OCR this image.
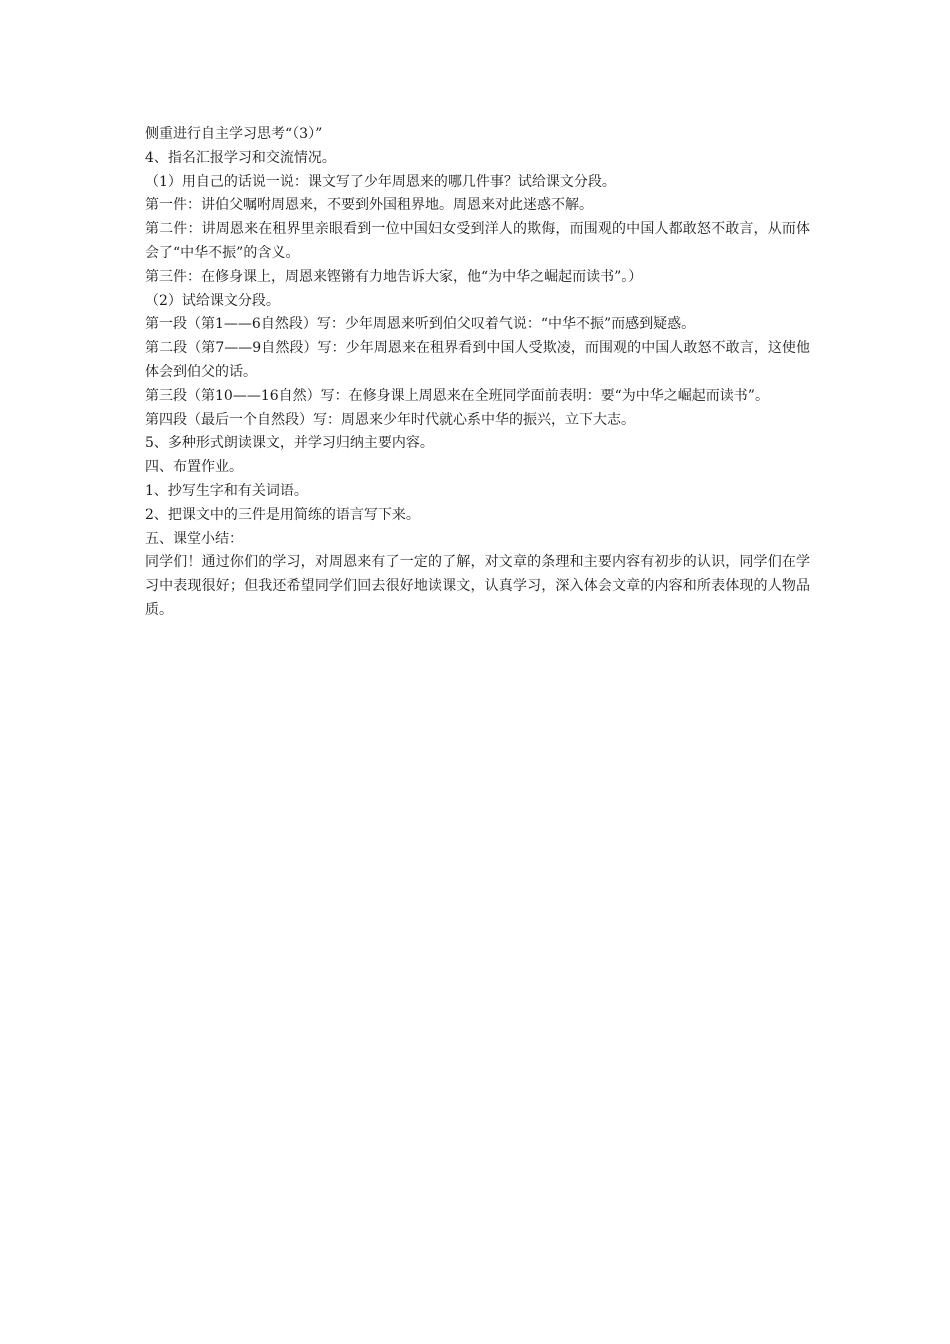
侧重进行自主学习思考“（3）”

4、指名汇报学习和交流情况。

（1）用自己的话说一说：课文写了少年周恩来的哪几件事？试给课文分段。

第一件：讲伯父嘱咐周恩来，不要到外国租界地。周恩来对此迷惑不解。

第二件：讲周恩来在租界里亲眼看到一位中国妇女受到洋人的欺侮，而围观的中国人都敢怒不敢言，从而体会了“中华不振”的含义。

第三件：在修身课上，周恩来铿锵有力地告诉大家，他“为中华之崛起而读书”。）

（2）试给课文分段。

第一段（第1——6自然段）写：少年周恩来听到伯父叹着气说：“中华不振”而感到疑惑。

第二段（第7——9自然段）写：少年周恩来在租界看到中国人受欺凌，而围观的中国人敢怒不敢言，这使他体会到伯父的话。

第三段（第10——16自然）写：在修身课上周恩来在全班同学面前表明：要“为中华之崛起而读书”。

第四段（最后一个自然段）写：周恩来少年时代就心系中华的振兴，立下大志。

5、多种形式朗读课文，并学习归纳主要内容。

四、布置作业。

1、抄写生字和有关词语。

2、把课文中的三件是用简练的语言写下来。

五、课堂小结：

同学们！通过你们的学习，对周恩来有了一定的了解，对文章的条理和主要内容有初步的认识，同学们在学习中表现很好；但我还希望同学们回去很好地读课文，认真学习，深入体会文章的内容和所表体现的人物品质。
